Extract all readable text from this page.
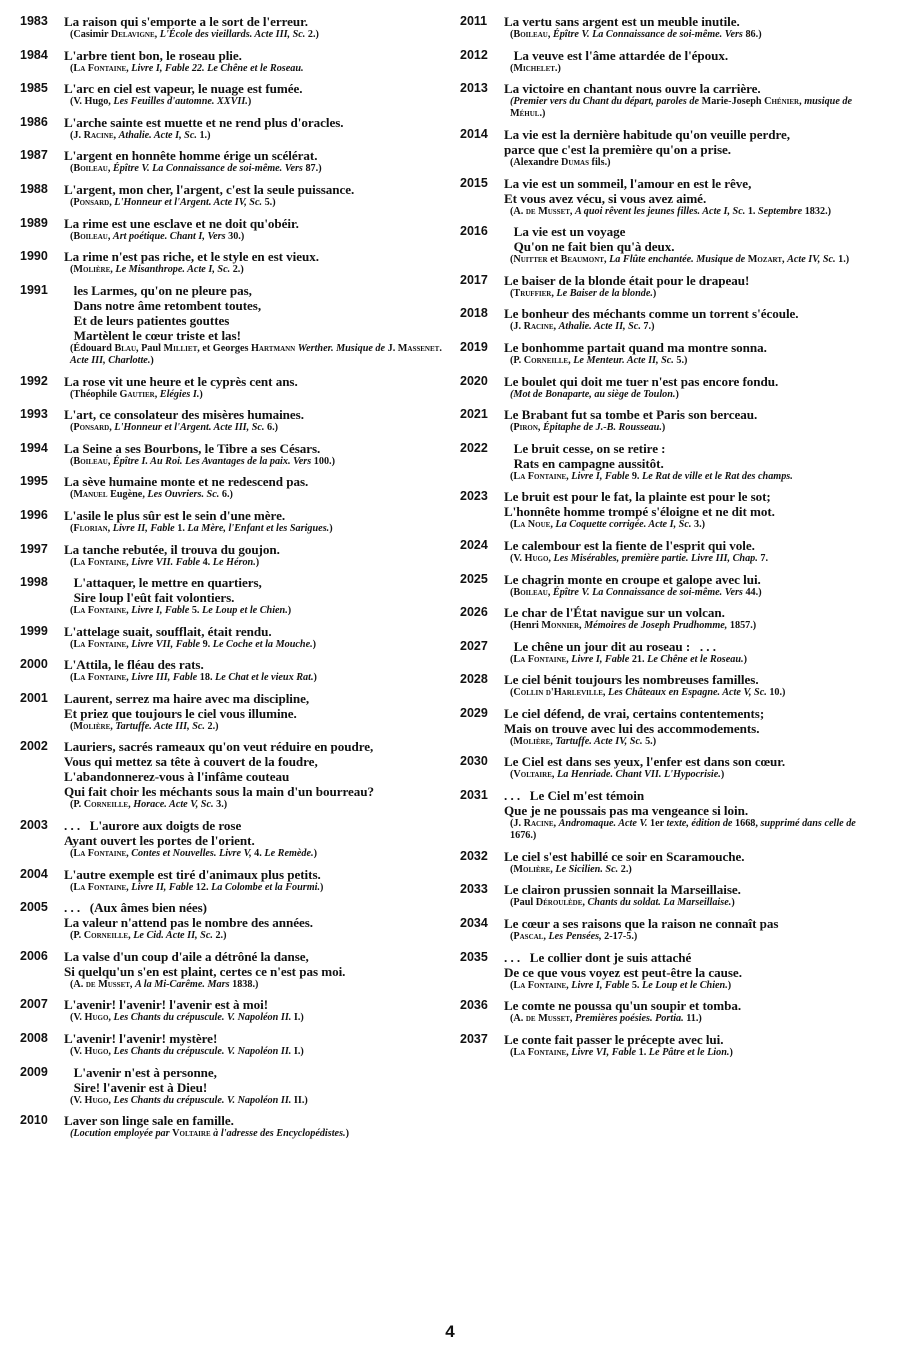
1983	La raison qui s'emporte a le sort de l'erreur.
(Casimir Delavigne, L'École des vieillards. Acte III, Sc. 2.)
1984	L'arbre tient bon, le roseau plie.
(La Fontaine, Livre I, Fable 22. Le Chêne et le Roseau.
1985	L'arc en ciel est vapeur, le nuage est fumée.
(V. Hugo, Les Feuilles d'automne. XXVII.)
1986	L'arche sainte est muette et ne rend plus d'oracles.
(J. Racine, Athalie. Acte I, Sc. 1.)
1987	L'argent en honnête homme érige un scélérat.
(Boileau, Épître V. La Connaissance de soi-même. Vers 87.)
1988	L'argent, mon cher, l'argent, c'est la seule puissance.
(Ponsard, L'Honneur et l'Argent. Acte IV, Sc. 5.)
1989	La rime est une esclave et ne doit qu'obéir.
(Boileau, Art poétique. Chant I, Vers 30.)
1990	La rime n'est pas riche, et le style en est vieux.
(Molière, Le Misanthrope. Acte I, Sc. 2.)
1991	les Larmes, qu'on ne pleure pas,
Dans notre âme retombent toutes,
Et de leurs patientes gouttes
Martèlent le cœur triste et las!
(Édouard Blau, Paul Milliet, et Georges Hartmann Werther. Musique de J. Massenet. Acte III, Charlotte.)
1992	La rose vit une heure et le cyprès cent ans.
(Théophile Gautier, Elégies I.)
1993	L'art, ce consolateur des misères humaines.
(Ponsard, L'Honneur et l'Argent. Acte III, Sc. 6.)
1994	La Seine a ses Bourbons, le Tibre a ses Césars.
(Boileau, Épître I. Au Roi. Les Avantages de la paix. Vers 100.)
1995	La sève humaine monte et ne redescend pas.
(Manuel Eugène, Les Ouvriers. Sc. 6.)
1996	L'asile le plus sûr est le sein d'une mère.
(Florian, Livre II, Fable 1. La Mère, l'Enfant et les Sarigues.)
1997	La tanche rebutée, il trouva du goujon.
(La Fontaine, Livre VII. Fable 4. Le Héron.)
1998	L'attaquer, le mettre en quartiers,
Sire loup l'eût fait volontiers.
(La Fontaine, Livre I, Fable 5. Le Loup et le Chien.)
1999	L'attelage suait, soufflait, était rendu.
(La Fontaine, Livre VII, Fable 9. Le Coche et la Mouche.)
2000	L'Attila, le fléau des rats.
(La Fontaine, Livre III, Fable 18. Le Chat et le vieux Rat.)
2001	Laurent, serrez ma haire avec ma discipline,
Et priez que toujours le ciel vous illumine.
(Molière, Tartuffe. Acte III, Sc. 2.)
2002	Lauriers, sacrés rameaux qu'on veut réduire en poudre,
Vous qui mettez sa tête à couvert de la foudre,
L'abandonnerez-vous à l'infâme couteau
Qui fait choir les méchants sous la main d'un bourreau?
(P. Corneille, Horace. Acte V, Sc. 3.)
2003	. . .   L'aurore aux doigts de rose
Ayant ouvert les portes de l'orient.
(La Fontaine, Contes et Nouvelles. Livre V, 4. Le Remède.)
2004	L'autre exemple est tiré d'animaux plus petits.
(La Fontaine, Livre II, Fable 12. La Colombe et la Fourmi.)
2005	. . .   (Aux âmes bien nées)
La valeur n'attend pas le nombre des années.
(P. Corneille, Le Cid. Acte II, Sc. 2.)
2006	La valse d'un coup d'aile a détrôné la danse,
Si quelqu'un s'en est plaint, certes ce n'est pas moi.
(A. de Musset, A la Mi-Carême. Mars 1838.)
2007	L'avenir! l'avenir! l'avenir est à moi!
(V. Hugo, Les Chants du crépuscule. V. Napoléon II. I.)
2008	L'avenir! l'avenir! mystère!
(V. Hugo, Les Chants du crépuscule. V. Napoléon II. I.)
2009	L'avenir n'est à personne,
Sire! l'avenir est à Dieu!
(V. Hugo, Les Chants du crépuscule. V. Napoléon II. II.)
2010	Laver son linge sale en famille.
(Locution employée par Voltaire à l'adresse des Encyclopédistes.)
2011	La vertu sans argent est un meuble inutile.
(Boileau, Épître V. La Connaissance de soi-même. Vers 86.)
2012	La veuve est l'âme attardée de l'époux.
(Michelet.)
2013	La victoire en chantant nous ouvre la carrière.
(Premier vers du Chant du départ, paroles de Marie-Joseph Chénier, musique de Méhul.)
2014	La vie est la dernière habitude qu'on veuille perdre,
parce que c'est la première qu'on a prise.
(Alexandre Dumas fils.)
2015	La vie est un sommeil, l'amour en est le rêve,
Et vous avez vécu, si vous avez aimé.
(A. de Musset, A quoi rêvent les jeunes filles. Acte I, Sc. 1. Septembre 1832.)
2016	La vie est un voyage
Qu'on ne fait bien qu'à deux.
(Nuitter et Beaumont, La Flûte enchantée. Musique de Mozart, Acte IV, Sc. 1.)
2017	Le baiser de la blonde était pour le drapeau!
(Truffier, Le Baiser de la blonde.)
2018	Le bonheur des méchants comme un torrent s'écoule.
(J. Racine, Athalie. Acte II, Sc. 7.)
2019	Le bonhomme partait quand ma montre sonna.
(P. Corneille, Le Menteur. Acte II, Sc. 5.)
2020	Le boulet qui doit me tuer n'est pas encore fondu.
(Mot de Bonaparte, au siège de Toulon.)
2021	Le Brabant fut sa tombe et Paris son berceau.
(Piron, Épitaphe de J.-B. Rousseau.)
2022	Le bruit cesse, on se retire :
Rats en campagne aussitôt.
(La Fontaine, Livre I, Fable 9. Le Rat de ville et le Rat des champs.
2023	Le bruit est pour le fat, la plainte est pour le sot;
L'honnête homme trompé s'éloigne et ne dit mot.
(La Noue, La Coquette corrigée. Acte I, Sc. 3.)
2024	Le calembour est la fiente de l'esprit qui vole.
(V. Hugo, Les Misérables, première partie. Livre III, Chap. 7.
2025	Le chagrin monte en croupe et galope avec lui.
(Boileau, Épître V. La Connaissance de soi-même. Vers 44.)
2026	Le char de l'État navigue sur un volcan.
(Henri Monnier, Mémoires de Joseph Prudhomme, 1857.)
2027	Le chêne un jour dit au roseau :   . . .
(La Fontaine, Livre I, Fable 21. Le Chêne et le Roseau.)
2028	Le ciel bénit toujours les nombreuses familles.
(Collin d'Harleville, Les Châteaux en Espagne. Acte V, Sc. 10.)
2029	Le ciel défend, de vrai, certains contentements;
Mais on trouve avec lui des accommodements.
(Molière, Tartuffe. Acte IV, Sc. 5.)
2030	Le Ciel est dans ses yeux, l'enfer est dans son cœur.
(Voltaire, La Henriade. Chant VII. L'Hypocrisie.)
2031	. . .   Le Ciel m'est témoin
Que je ne poussais pas ma vengeance si loin.
(J. Racine, Andromaque. Acte V. 1er texte, édition de 1668, supprimé dans celle de 1676.)
2032	Le ciel s'est habillé ce soir en Scaramouche.
(Molière, Le Sicilien. Sc. 2.)
2033	Le clairon prussien sonnait la Marseillaise.
(Paul Déroulède, Chants du soldat. La Marseillaise.)
2034	Le cœur a ses raisons que la raison ne connaît pas
(Pascal, Les Pensées, 2-17-5.)
2035	. . .   Le collier dont je suis attaché
De ce que vous voyez est peut-être la cause.
(La Fontaine, Livre I, Fable 5. Le Loup et le Chien.)
2036	Le comte ne poussa qu'un soupir et tomba.
(A. de Musset, Premières poésies. Portia. 11.)
2037	Le conte fait passer le précepte avec lui.
(La Fontaine, Livre VI, Fable 1. Le Pâtre et le Lion.)
4
